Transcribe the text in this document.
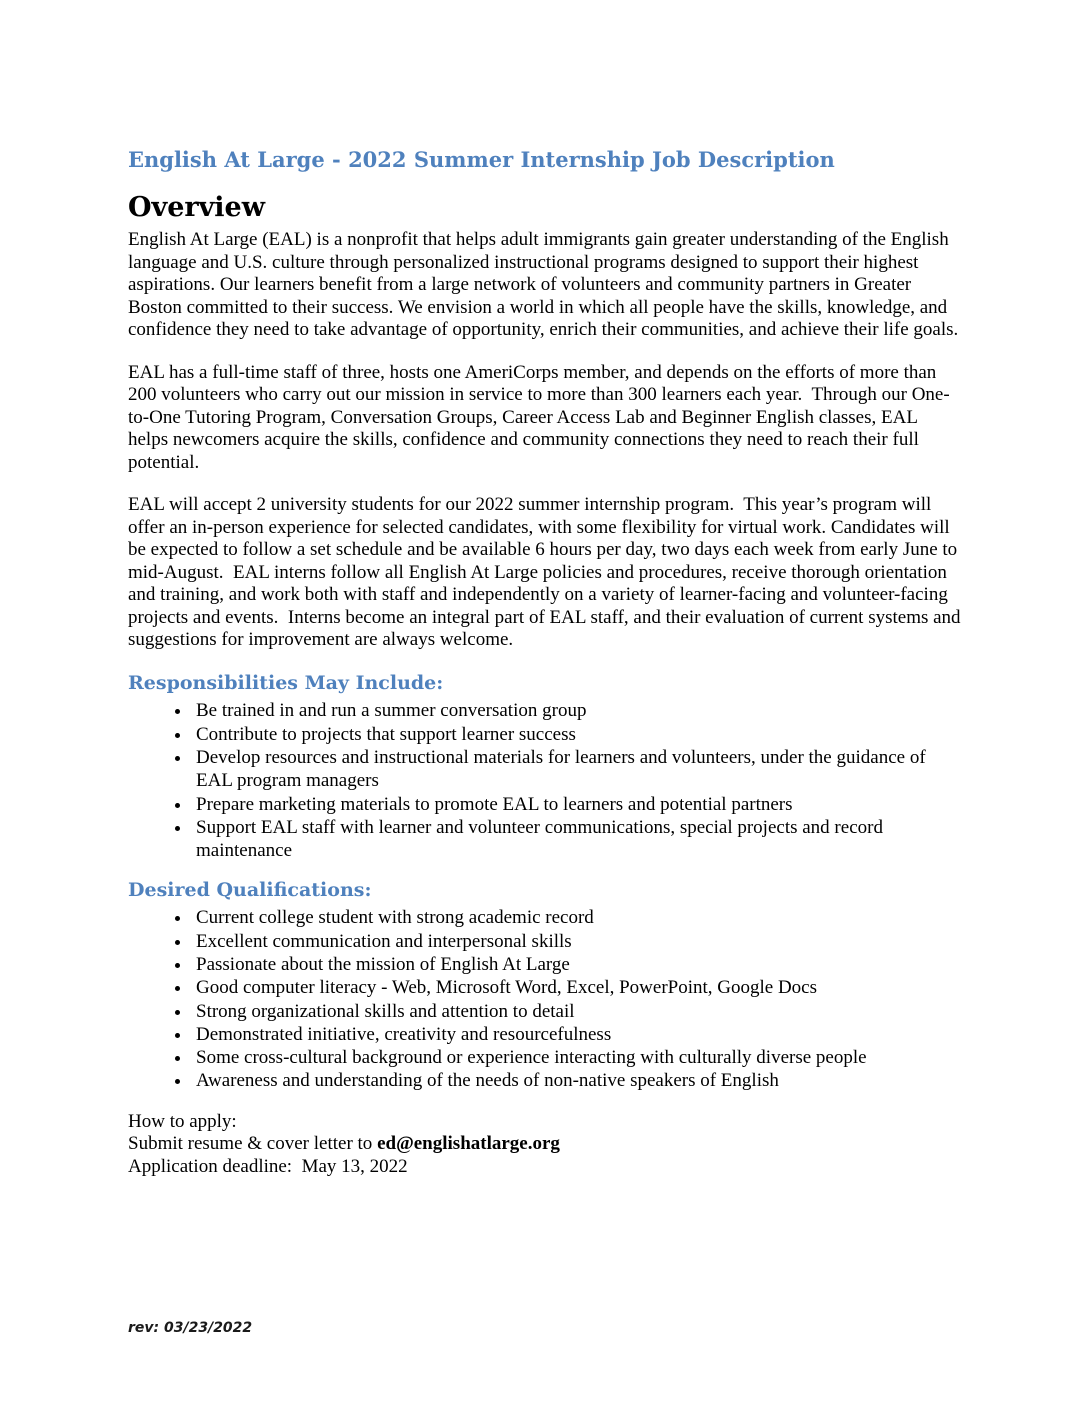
English At Large - 2022 Summer Internship Job Description
Overview

English At Large (EAL) is a nonprofit that helps adult immigrants gain greater understanding of the English language and U.S. culture through personalized instructional programs designed to support their highest aspirations. Our learners benefit from a large network of volunteers and community partners in Greater Boston committed to their success. We envision a world in which all people have the skills, knowledge, and confidence they need to take advantage of opportunity, enrich their communities, and achieve their life goals.

EAL has a full-time staff of three, hosts one AmeriCorps member, and depends on the efforts of more than 200 volunteers who carry out our mission in service to more than 300 learners each year.  Through our One-to-One Tutoring Program, Conversation Groups, Career Access Lab and Beginner English classes, EAL helps newcomers acquire the skills, confidence and community connections they need to reach their full potential.

EAL will accept 2 university students for our 2022 summer internship program.  This year’s program will offer an in-person experience for selected candidates, with some flexibility for virtual work. Candidates will be expected to follow a set schedule and be available 6 hours per day, two days each week from early June to mid-August.  EAL interns follow all English At Large policies and procedures, receive thorough orientation and training, and work both with staff and independently on a variety of learner-facing and volunteer-facing projects and events.  Interns become an integral part of EAL staff, and their evaluation of current systems and suggestions for improvement are always welcome.

Responsibilities May Include:
• Be trained in and run a summer conversation group
• Contribute to projects that support learner success
• Develop resources and instructional materials for learners and volunteers, under the guidance of EAL program managers
• Prepare marketing materials to promote EAL to learners and potential partners
• Support EAL staff with learner and volunteer communications, special projects and record maintenance
Desired Qualifications:
• Current college student with strong academic record
• Excellent communication and interpersonal skills
• Passionate about the mission of English At Large
• Good computer literacy - Web, Microsoft Word, Excel, PowerPoint, Google Docs
• Strong organizational skills and attention to detail
• Demonstrated initiative, creativity and resourcefulness
• Some cross-cultural background or experience interacting with culturally diverse people
• Awareness and understanding of the needs of non-native speakers of English
How to apply:
Submit resume & cover letter to ed@englishatlarge.org
Application deadline:  May 13, 2022
rev: 03/23/2022
